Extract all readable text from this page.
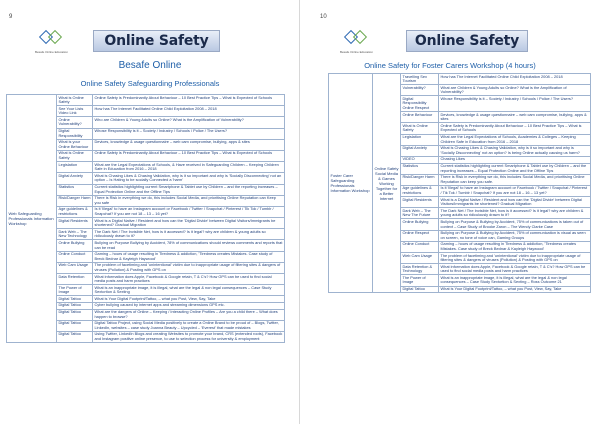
9
Besafe Online Education
Online Safety
Besafe Online
Online Safety Safeguarding Professionals
Web Safeguarding Professionals Information Workshop	What is Online Safety	Online Safety is Predominantly About Behaviour – 10 Best Practice Tips – What is Expected of Schools
	See Your Lists Video Link	How has The Internet Facilitated Online Child Exploitation 2008 – 2018
	Online Vulnerability?	Who are Children & Young Adults so Online? What is the Amplification of Vulnerability?
	Digital Responsibility	Whose Responsibility is it – Society / Industry / Schools / Police / The Users?
	What is your Online Behaviour	Devices, knowledge & usage questionnaire – web cam compromise, bullying, apps & sites
	What is Online Safety	Online Safety is Predominantly About Behaviour – 10 Best Practice Tips – What is Expected of Schools
	Legislation	What are the Legal Expectations of Schools, & Have received in Safeguarding Children – Keeping Children Safe in Education from 2016 – 2018
	Digital Anxiety	What is Chasing Likes & Chasing Validation, why is it so important and why is 'Socially Disconnecting' not an option – Is Hating to be socially Connected a 'harm'
	Statistics	Current statistics highlighting current Smartphone & Tablet use by Children – and the reporting increases – Equal Protection Online and the Offline Tips
	Risk/Danger Harm	There is Risk in everything we do, this includes Social Media, and prioritising Online Reputation can Keep you safe
	Age guidelines & restrictions	Is it 'illegal' to have an Instagram account or Facebook / Twitter / Snapchat / Pinterest / Tik Tok / Tumblr / Snapchat? If you are not 18 – 13 – 16 yet?
	Digital Residents	What is a Digital Native / Resident and how can the 'Digital Divide' between Digital Visitors/Immigrants be shortened? Gradual Migration
	Dark Web – The New Technology	The Dark Net / The Invisible Net, how is it accessed? Is it legal? why are children & young adults so ridiculously drawn to it?
	Online Bullying	Bullying on Purpose Bullying by Accident, 78% of communications should reviews comments and reports that can be read
	Online Conduct	Gaming – hours of usage resulting in Tiredness & addiction, 'Tiredness creates Mistakes. Case study of Breck Bednar & Kayleigh Haywood'
	Web Cam Usage	The problem of facetiming and 'unintentional' victim due to inappropriate usage of filtering sites & dangers of viruses (Pollution) & Posting with GPS on
	Data Retention	What information does Apple, Facebook & Google retain, T & C's? How GPS can be used to find social media posts and harm practices
	The Power of Image	What is an inappropriate image, it is illegal, what are the legal & non legal consequences – Case Study Sextortion & Sexting
	Digital Tattoo	What is Your Digital Footprint/Tattoo, – what you Post, View, Say, Take
	Digital Tattoo	Cyber bullying caused by internet apps and streaming dimensions GPS etc.
	Digital Tattoo	What are the dangers of Online – Keeping / Interacting Online Profiles – Are you a child there – What does happen to browse?
	Digital Tattoo	Digital Tattoo Project, using Social Media positively to create a Online Brand to be proud of – Blogs, Twitter, LinkedIn, websites – case study Joanna Beauty – Upcycled – 'Everest' that made mistakes
	Digital Tattoo	Using Twitter, LinkedIn Blogs and creating Websites to promote your brand, CRS (extended roots), Facebook and Instagram positive online presence, to use to selection process for university & employment
10
Besafe Online Education
Online Safety
Online Safety for Foster Carers Workshop (4 hours)
Foster Carer Safeguarding Professionals Information Workshop	Online Safety Social Media & Games Working Together for a Better Internet	Travelling Sex Tourism	How has The Internet Facilitated Online Child Exploitation 2008 – 2018
		Vulnerability?	What are Children & Young Adults so Online? What is the Amplification of Vulnerability?
		Digital Responsibility Online Respect	Whose Responsibility is it – Society / Industry / Schools / Police / The Users?
		Online Behaviour	Devices, knowledge & usage questionnaire – web cam compromise, bullying, apps & sites
		What is Online Safety	Online Safety is Predominantly About Behaviour – 10 Best Practice Tips – What is Expected of Schools
		Legislation	What are the Legal Expectations of Schools, Academies & Colleges – Keeping Children Safe in Education from 2016 – 2018
		Digital Anxiety	What is Chasing Likes & Chasing Validation, why is it so important and why is 'Socially Disconnecting' not an option? Is being Online actually causing us harm?
		VIDEO	Chasing Likes
		Statistics	Current statistics highlighting current Smartphone & Tablet use by Children – and the reporting increases – Equal Protection Online and the Offline Tips
		Risk/Danger Harm	There is Risk in everything we do, this includes Social Media, and prioritising Online Reputation can keep you safe.
		Age guidelines & restrictions	Is it 'illegal' to have an Instagram account or Facebook / Twitter / Snapchat / Pinterest / Tik Tok / Tumblr / Snapchat? If you are not 18 – 16 – 13 yet?
		Digital Residents	What is a Digital Native / Resident and how can the 'Digital Divide' between Digital Visitors/Immigrants be shortened? Gradual Migration
		Dark Web – The New The Future	The Dark Net / The Invisible Net, how is it accessed? Is it legal? why are children & young adults so ridiculously drawn to it?
		Online Bullying	Bullying on Purpose & Bullying by Accident, 75% of communications is taken out of context – Case Study of Brooke Zaron – The Wendy Clarke Case
		Online Respect	Bullying on Purpose & Bullying by Accident, 75% of communication is visual as seen on screen, no tone of voice can, Gaming Groups
		Online Conduct	Gaming – hours of usage resulting in Tiredness & addiction, 'Tiredness creates Mistakes. Case study of Breck Bednar & Kayleigh Haywood'
		Web Cam Usage	The problem of facetiming and 'unintentional' victim due to inappropriate usage of filtering sites & dangers of viruses (Pollution) & Posting with GPS on
		Data Retention & Technology	What information does Apple, Facebook & Google retain, T & C's? How GPS can be used to find social media posts and harm practices
		The Power of Image	What is an inappropriate image, it is illegal, what are the legal & non legal consequences – Case Study Sextortion & Sexting – Ross Outcome 21
		Digital Tattoo	What is Your Digital Footprint/Tattoo, – what you Post, View, Say, Take
